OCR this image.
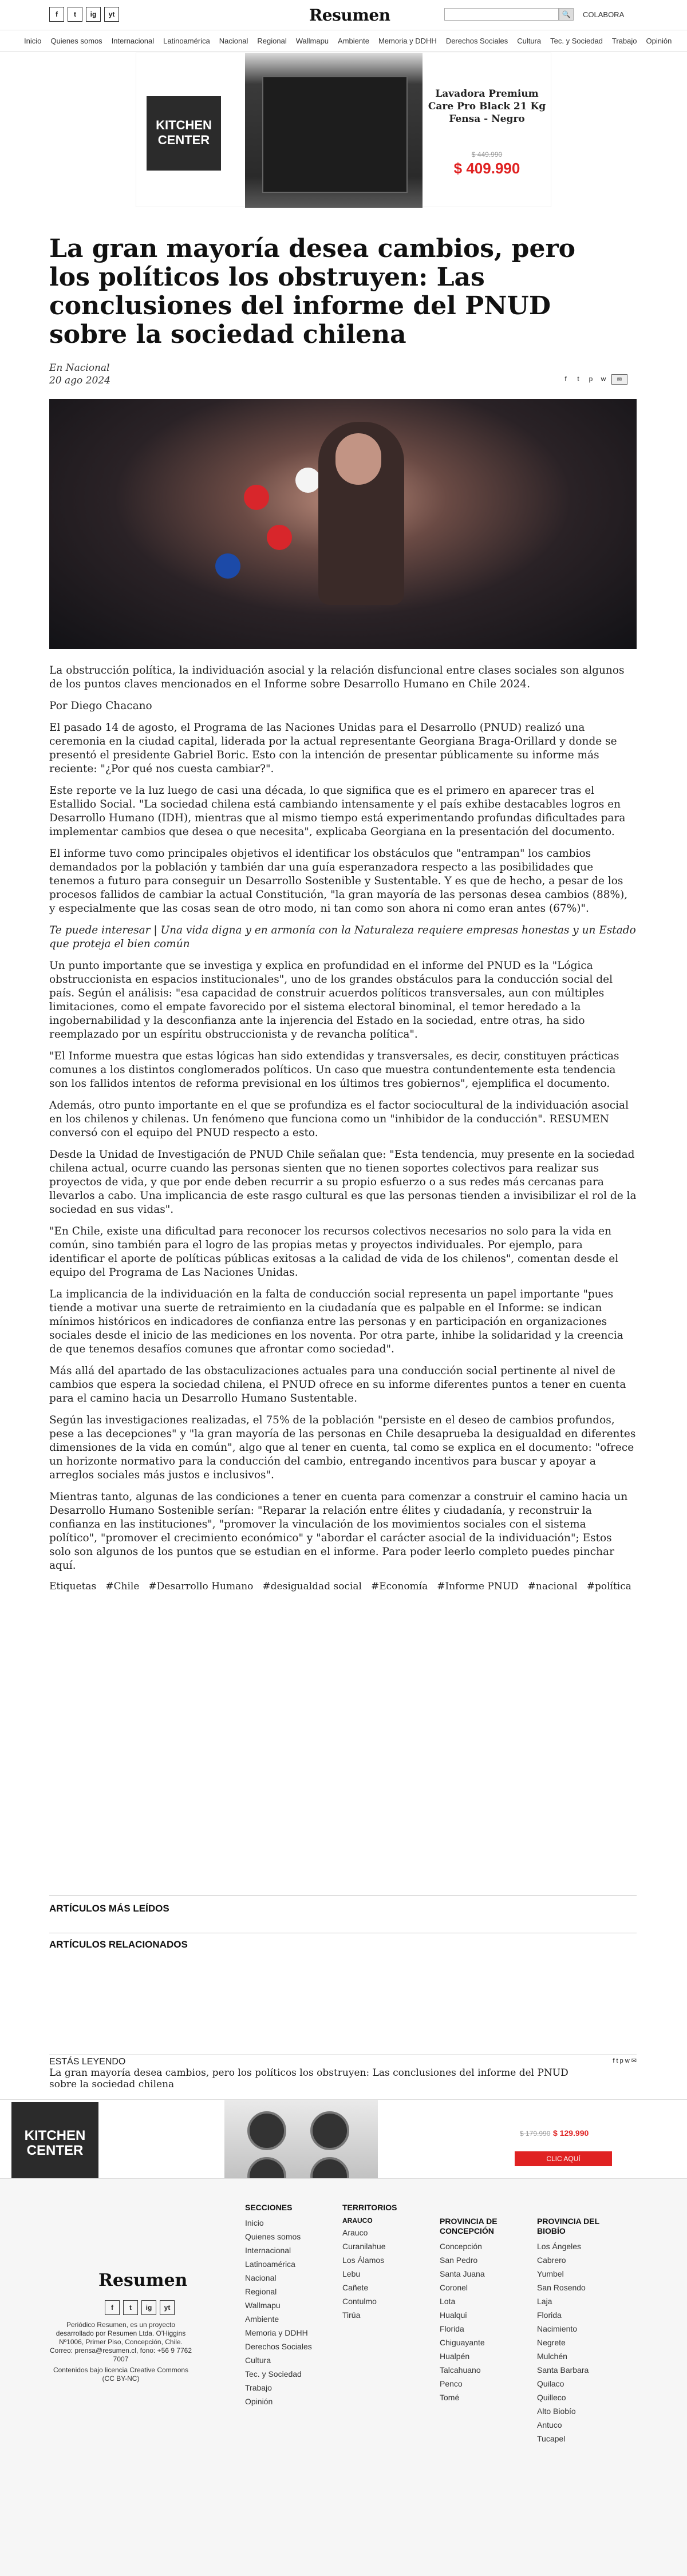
f	t	ig	yt	Resumen	🔍	COLABORA
Inicio	Quienes somos	Internacional	Latinoamérica	Nacional	Regional	Wallmapu	Ambiente	Memoria y DDHH	Derechos Sociales	Cultura	Tec. y Sociedad	Trabajo	Opinión
KITCHEN CENTER
Lavadora Premium Care Pro Black 21 Kg Fensa - Negro
$ 449.990
$ 409.990
La gran mayoría desea cambios, pero los políticos los obstruyen: Las conclusiones del informe del PNUD sobre la sociedad chilena
En Nacional
20 ago 2024	f	t	p	w	✉

La obstrucción política, la individuación asocial y la relación disfuncional entre clases sociales son algunos de los puntos claves mencionados en el Informe sobre Desarrollo Humano en Chile 2024.

Por Diego Chacano

El pasado 14 de agosto, el Programa de las Naciones Unidas para el Desarrollo (PNUD) realizó una ceremonia en la ciudad capital, liderada por la actual representante Georgiana Braga-Orillard y donde se presentó el presidente Gabriel Boric. Esto con la intención de presentar públicamente su informe más reciente: "¿Por qué nos cuesta cambiar?".

Este reporte ve la luz luego de casi una década, lo que significa que es el primero en aparecer tras el Estallido Social. "La sociedad chilena está cambiando intensamente y el país exhibe destacables logros en Desarrollo Humano (IDH), mientras que al mismo tiempo está experimentando profundas dificultades para implementar cambios que desea o que necesita", explicaba Georgiana en la presentación del documento.

El informe tuvo como principales objetivos el identificar los obstáculos que "entrampan" los cambios demandados por la población y también dar una guía esperanzadora respecto a las posibilidades que tenemos a futuro para conseguir un Desarrollo Sostenible y Sustentable. Y es que de hecho, a pesar de los procesos fallidos de cambiar la actual Constitución, "la gran mayoría de las personas desea cambios (88%), y especialmente que las cosas sean de otro modo, ni tan como son ahora ni como eran antes (67%)".

Te puede interesar | Una vida digna y en armonía con la Naturaleza requiere empresas honestas y un Estado que proteja el bien común

Un punto importante que se investiga y explica en profundidad en el informe del PNUD es la "Lógica obstruccionista en espacios institucionales", uno de los grandes obstáculos para la conducción social del país. Según el análisis: "esa capacidad de construir acuerdos políticos transversales, aun con múltiples limitaciones, como el empate favorecido por el sistema electoral binominal, el temor heredado a la ingobernabilidad y la desconfianza ante la injerencia del Estado en la sociedad, entre otras, ha sido reemplazado por un espíritu obstruccionista y de revancha política".

"El Informe muestra que estas lógicas han sido extendidas y transversales, es decir, constituyen prácticas comunes a los distintos conglomerados políticos. Un caso que muestra contundentemente esta tendencia son los fallidos intentos de reforma previsional en los últimos tres gobiernos", ejemplifica el documento.

Además, otro punto importante en el que se profundiza es el factor sociocultural de la individuación asocial en los chilenos y chilenas. Un fenómeno que funciona como un "inhibidor de la conducción". RESUMEN conversó con el equipo del PNUD respecto a esto.

Desde la Unidad de Investigación de PNUD Chile señalan que: "Esta tendencia, muy presente en la sociedad chilena actual, ocurre cuando las personas sienten que no tienen soportes colectivos para realizar sus proyectos de vida, y que por ende deben recurrir a su propio esfuerzo o a sus redes más cercanas para llevarlos a cabo. Una implicancia de este rasgo cultural es que las personas tienden a invisibilizar el rol de la sociedad en sus vidas".

"En Chile, existe una dificultad para reconocer los recursos colectivos necesarios no solo para la vida en común, sino también para el logro de las propias metas y proyectos individuales. Por ejemplo, para identificar el aporte de políticas públicas exitosas a la calidad de vida de los chilenos", comentan desde el equipo del Programa de Las Naciones Unidas.

La implicancia de la individuación en la falta de conducción social representa un papel importante "pues tiende a motivar una suerte de retraimiento en la ciudadanía que es palpable en el Informe: se indican mínimos históricos en indicadores de confianza entre las personas y en participación en organizaciones sociales desde el inicio de las mediciones en los noventa. Por otra parte, inhibe la solidaridad y la creencia de que tenemos desafíos comunes que afrontar como sociedad".

Más allá del apartado de las obstaculizaciones actuales para una conducción social pertinente al nivel de cambios que espera la sociedad chilena, el PNUD ofrece en su informe diferentes puntos a tener en cuenta para el camino hacia un Desarrollo Humano Sustentable.

Según las investigaciones realizadas, el 75% de la población "persiste en el deseo de cambios profundos, pese a las decepciones" y "la gran mayoría de las personas en Chile desaprueba la desigualdad en diferentes dimensiones de la vida en común", algo que al tener en cuenta, tal como se explica en el documento: "ofrece un horizonte normativo para la conducción del cambio, entregando incentivos para buscar y apoyar a arreglos sociales más justos e inclusivos".

Mientras tanto, algunas de las condiciones a tener en cuenta para comenzar a construir el camino hacia un Desarrollo Humano Sostenible serían: "Reparar la relación entre élites y ciudadanía, y reconstruir la confianza en las instituciones", "promover la vinculación de los movimientos sociales con el sistema político", "promover el crecimiento económico" y "abordar el carácter asocial de la individuación"; Estos solo son algunos de los puntos que se estudian en el informe. Para poder leerlo completo puedes pinchar aquí.

Etiquetas #Chile #Desarrollo Humano #desigualdad social #Economía #Informe PNUD #nacional #política
ARTÍCULOS MÁS LEÍDOS
ARTÍCULOS RELACIONADOS
ESTÁS LEYENDO
La gran mayoría desea cambios, pero los políticos los obstruyen: Las conclusiones del informe del PNUD sobre la sociedad chilena
f t p w ✉
KITCHEN CENTER
$ 179.990 $ 129.990
CLIC AQUÍ
Resumen
f	t	ig	yt
Periódico Resumen, es un proyecto desarrollado por Resumen Ltda. O'Higgins Nº1006, Primer Piso, Concepción, Chile. Correo: prensa@resumen.cl, fono: +56 9 7762 7007
Contenidos bajo licencia Creative Commons (CC BY-NC)
SECCIONES
Inicio
Quienes somos
Internacional
Latinoamérica
Nacional
Regional
Wallmapu
Ambiente
Memoria y DDHH
Derechos Sociales
Cultura
Tec. y Sociedad
Trabajo
Opinión
TERRITORIOS
ARAUCO
Arauco
Curanilahue
Los Álamos
Lebu
Cañete
Contulmo
Tirúa
PROVINCIA DE CONCEPCIÓN
Concepción
San Pedro
Santa Juana
Coronel
Lota
Hualqui
Florida
Chiguayante
Hualpén
Talcahuano
Penco
Tomé
PROVINCIA DEL BIOBÍO
Los Ángeles
Cabrero
Yumbel
San Rosendo
Laja
Florida
Nacimiento
Negrete
Mulchén
Santa Barbara
Quilaco
Quilleco
Alto Biobío
Antuco
Tucapel
